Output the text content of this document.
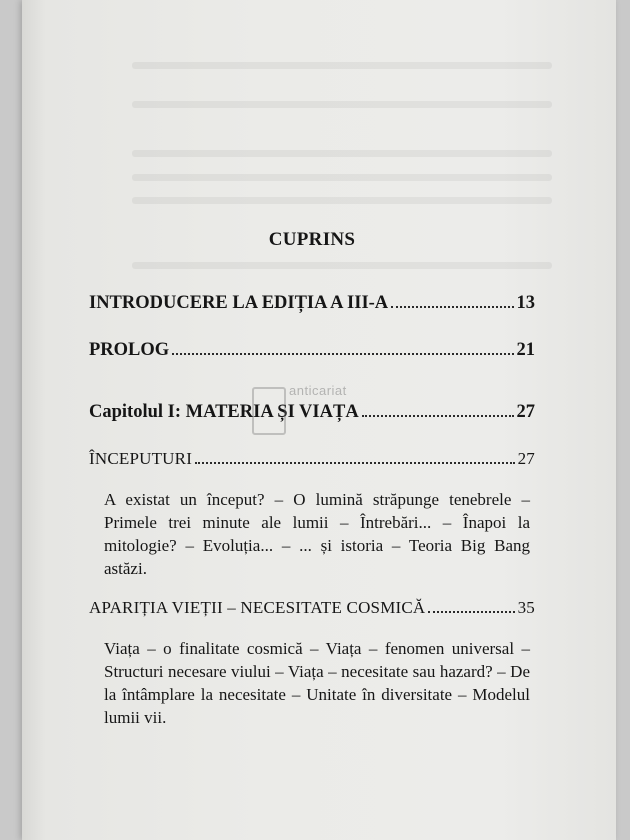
CUPRINS
INTRODUCERE LA EDIȚIA A III-A	13
PROLOG	21
Capitolul I: MATERIA ȘI VIAȚA	27
ÎNCEPUTURI	27
A existat un început? – O lumină străpunge tenebrele – Primele trei minute ale lumii – Întrebări... – Înapoi la mitologie? – Evoluția... – ... și istoria – Teoria Big Bang astăzi.
APARIȚIA VIEȚII – NECESITATE COSMICĂ	35
Viața – o finalitate cosmică – Viața – fenomen universal – Structuri necesare viului – Viața – necesitate sau hazard? – De la întâmplare la necesitate – Unitate în diversitate – Modelul lumii vii.
anticariat
